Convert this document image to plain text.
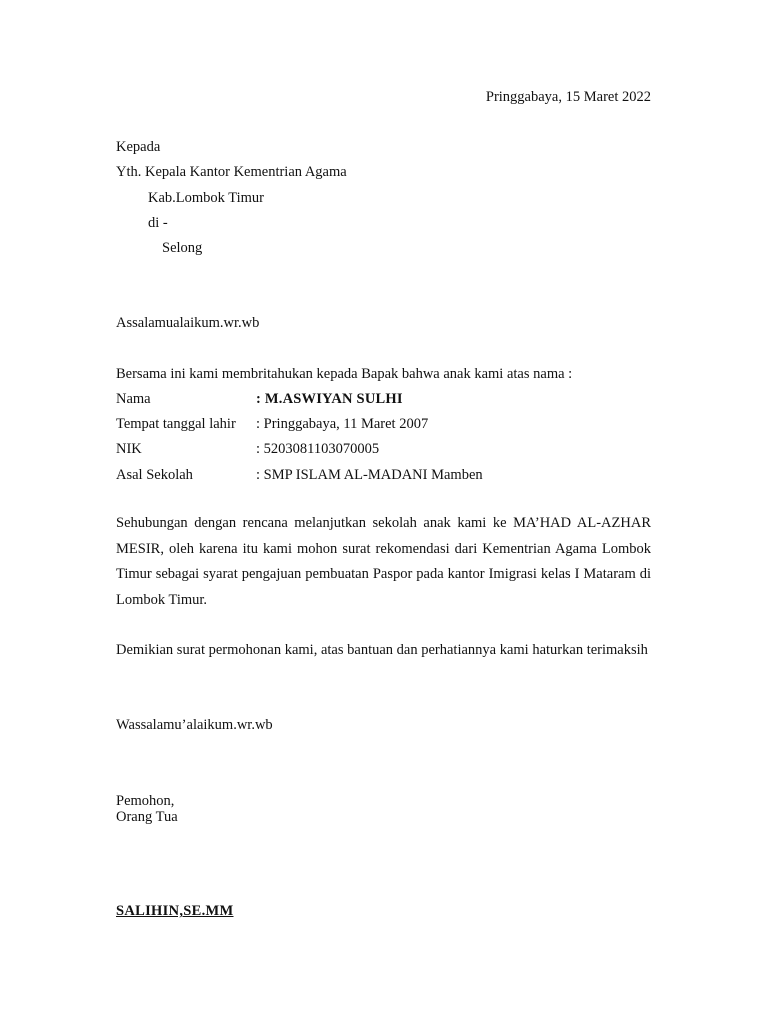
Pringgabaya, 15 Maret 2022
Kepada
Yth. Kepala Kantor Kementrian Agama
Kab.Lombok Timur
di -
Selong
Assalamualaikum.wr.wb
Bersama ini kami membritahukan kepada Bapak bahwa anak kami atas nama :
Nama	: M.ASWIYAN SULHI
Tempat tanggal lahir : Pringgabaya, 11 Maret 2007
NIK	: 5203081103070005
Asal Sekolah	: SMP ISLAM AL-MADANI Mamben
Sehubungan dengan rencana melanjutkan sekolah anak kami ke MA’HAD AL-AZHAR MESIR, oleh karena itu kami mohon surat rekomendasi dari Kementrian Agama Lombok Timur sebagai syarat pengajuan pembuatan Paspor pada kantor Imigrasi kelas I Mataram di Lombok Timur.
Demikian surat permohonan kami, atas bantuan dan perhatiannya kami haturkan terimaksih
Wassalamu’alaikum.wr.wb
Pemohon,
Orang Tua
SALIHIN,SE.MM
